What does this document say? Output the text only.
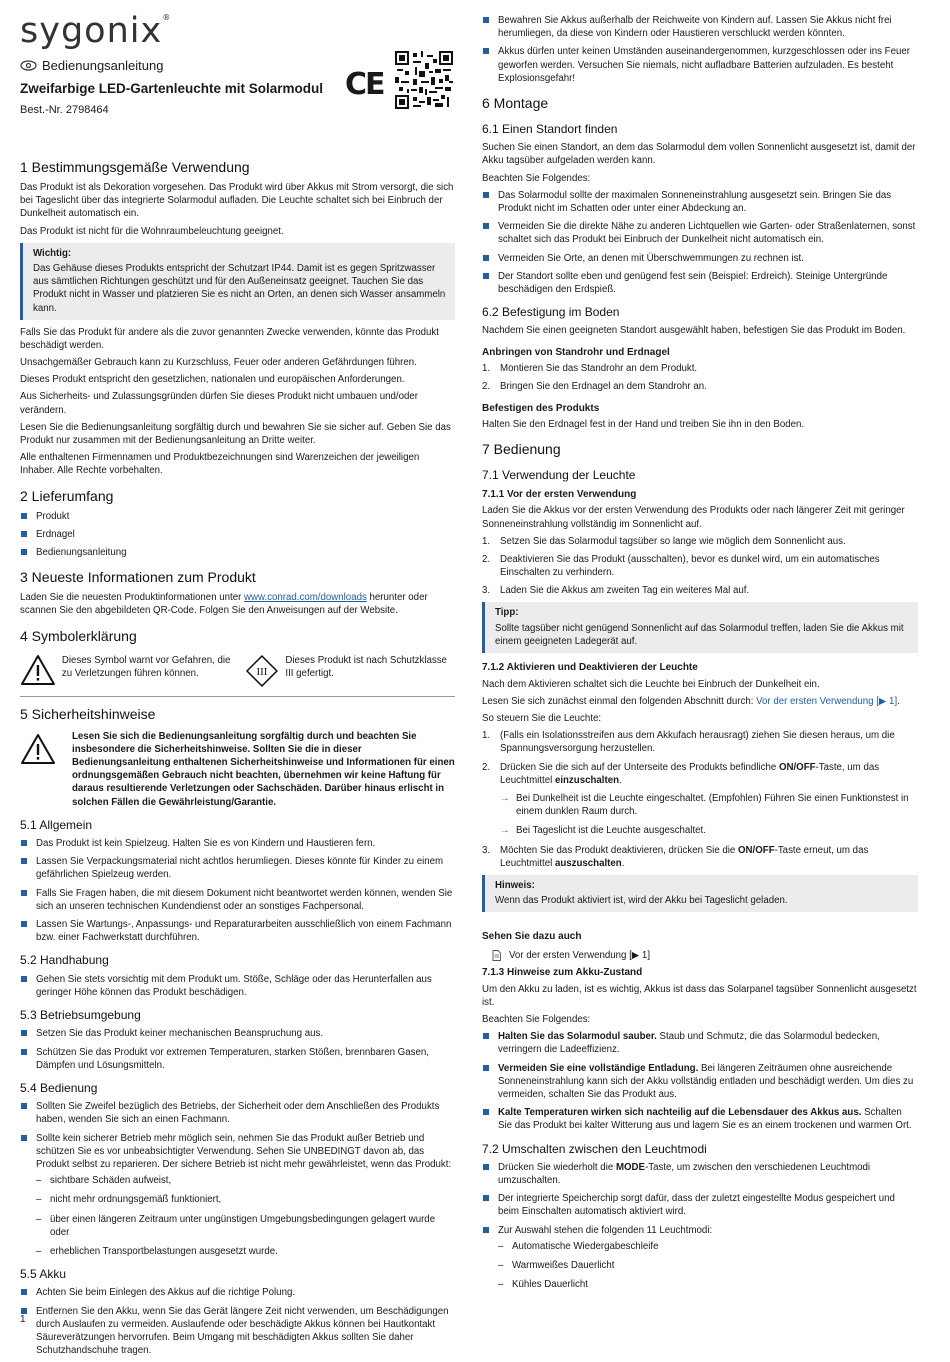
sygonix®
Bedienungsanleitung
Zweifarbige LED-Gartenleuchte mit Solarmodul
Best.-Nr. 2798464
CE
1 Bestimmungsgemäße Verwendung

Das Produkt ist als Dekoration vorgesehen. Das Produkt wird über Akkus mit Strom versorgt, die sich bei Tageslicht über das integrierte Solarmodul aufladen. Die Leuchte schaltet sich bei Einbruch der Dunkelheit automatisch ein.

Das Produkt ist nicht für die Wohnraumbeleuchtung geeignet.

Wichtig:
Das Gehäuse dieses Produkts entspricht der Schutzart IP44. Damit ist es gegen Spritzwasser aus sämtlichen Richtungen geschützt und für den Außeneinsatz geeignet. Tauchen Sie das Produkt nicht in Wasser und platzieren Sie es nicht an Orten, an denen sich Wasser ansammeln kann.

Falls Sie das Produkt für andere als die zuvor genannten Zwecke verwenden, könnte das Produkt beschädigt werden.

Unsachgemäßer Gebrauch kann zu Kurzschluss, Feuer oder anderen Gefährdungen führen.

Dieses Produkt entspricht den gesetzlichen, nationalen und europäischen Anforderungen.

Aus Sicherheits- und Zulassungsgründen dürfen Sie dieses Produkt nicht umbauen und/oder verändern.

Lesen Sie die Bedienungsanleitung sorgfältig durch und bewahren Sie sie sicher auf. Geben Sie das Produkt nur zusammen mit der Bedienungsanleitung an Dritte weiter.

Alle enthaltenen Firmennamen und Produktbezeichnungen sind Warenzeichen der jeweiligen Inhaber. Alle Rechte vorbehalten.

2 Lieferumfang
Produkt
Erdnagel
Bedienungsanleitung
3 Neueste Informationen zum Produkt

Laden Sie die neuesten Produktinformationen unter www.conrad.com/downloads herunter oder scannen Sie den abgebildeten QR-Code. Folgen Sie den Anweisungen auf der Website.

4 Symbolerklärung
Dieses Symbol warnt vor Gefahren, die zu Verletzungen führen können.	III
Dieses Produkt ist nach Schutzklasse III gefertigt.
5 Sicherheitshinweise
Lesen Sie sich die Bedienungsanleitung sorgfältig durch und beachten Sie insbesondere die Sicherheitshinweise. Sollten Sie die in dieser Bedienungsanleitung enthaltenen Sicherheitshinweise und Informationen für einen ordnungsgemäßen Gebrauch nicht beachten, übernehmen wir keine Haftung für daraus resultierende Verletzungen oder Sachschäden. Darüber hinaus erlischt in solchen Fällen die Gewährleistung/Garantie.
5.1 Allgemein
Das Produkt ist kein Spielzeug. Halten Sie es von Kindern und Haustieren fern.
Lassen Sie Verpackungsmaterial nicht achtlos herumliegen. Dieses könnte für Kinder zu einem gefährlichen Spielzeug werden.
Falls Sie Fragen haben, die mit diesem Dokument nicht beantwortet werden können, wenden Sie sich an unseren technischen Kundendienst oder an sonstiges Fachpersonal.
Lassen Sie Wartungs-, Anpassungs- und Reparaturarbeiten ausschließlich von einem Fachmann bzw. einer Fachwerkstatt durchführen.
5.2 Handhabung
Gehen Sie stets vorsichtig mit dem Produkt um. Stöße, Schläge oder das Herunterfallen aus geringer Höhe können das Produkt beschädigen.
5.3 Betriebsumgebung
Setzen Sie das Produkt keiner mechanischen Beanspruchung aus.
Schützen Sie das Produkt vor extremen Temperaturen, starken Stößen, brennbaren Gasen, Dämpfen und Lösungsmitteln.
5.4 Bedienung
Sollten Sie Zweifel bezüglich des Betriebs, der Sicherheit oder dem Anschließen des Produkts haben, wenden Sie sich an einen Fachmann.
Sollte kein sicherer Betrieb mehr möglich sein, nehmen Sie das Produkt außer Betrieb und schützen Sie es vor unbeabsichtigter Verwendung. Sehen Sie UNBEDINGT davon ab, das Produkt selbst zu reparieren. Der sichere Betrieb ist nicht mehr gewährleistet, wenn das Produkt:
– sichtbare Schäden aufweist,
– nicht mehr ordnungsgemäß funktioniert,
– über einen längeren Zeitraum unter ungünstigen Umgebungsbedingungen gelagert wurde oder
– erheblichen Transportbelastungen ausgesetzt wurde.
5.5 Akku
Achten Sie beim Einlegen des Akkus auf die richtige Polung.
Entfernen Sie den Akku, wenn Sie das Gerät längere Zeit nicht verwenden, um Beschädigungen durch Auslaufen zu vermeiden. Auslaufende oder beschädigte Akkus können bei Hautkontakt Säureverätzungen hervorrufen. Beim Umgang mit beschädigten Akkus sollten Sie daher Schutzhandschuhe tragen.
1
Bewahren Sie Akkus außerhalb der Reichweite von Kindern auf. Lassen Sie Akkus nicht frei herumliegen, da diese von Kindern oder Haustieren verschluckt werden könnten.
Akkus dürfen unter keinen Umständen auseinandergenommen, kurzgeschlossen oder ins Feuer geworfen werden. Versuchen Sie niemals, nicht aufladbare Batterien aufzuladen. Es besteht Explosionsgefahr!
6 Montage
6.1 Einen Standort finden

Suchen Sie einen Standort, an dem das Solarmodul dem vollen Sonnenlicht ausgesetzt ist, damit der Akku tagsüber aufgeladen werden kann.

Beachten Sie Folgendes:

Das Solarmodul sollte der maximalen Sonneneinstrahlung ausgesetzt sein. Bringen Sie das Produkt nicht im Schatten oder unter einer Abdeckung an.
Vermeiden Sie die direkte Nähe zu anderen Lichtquellen wie Garten- oder Straßenlaternen, sonst schaltet sich das Produkt bei Einbruch der Dunkelheit nicht automatisch ein.
Vermeiden Sie Orte, an denen mit Überschwemmungen zu rechnen ist.
Der Standort sollte eben und genügend fest sein (Beispiel: Erdreich). Steinige Untergründe beschädigen den Erdspieß.
6.2 Befestigung im Boden

Nachdem Sie einen geeigneten Standort ausgewählt haben, befestigen Sie das Produkt im Boden.

Anbringen von Standrohr und Erdnagel
1. Montieren Sie das Standrohr an dem Produkt.
2. Bringen Sie den Erdnagel an dem Standrohr an.
Befestigen des Produkts

Halten Sie den Erdnagel fest in der Hand und treiben Sie ihn in den Boden.

7 Bedienung
7.1 Verwendung der Leuchte
7.1.1 Vor der ersten Verwendung

Laden Sie die Akkus vor der ersten Verwendung des Produkts oder nach längerer Zeit mit geringer Sonneneinstrahlung vollständig im Sonnenlicht auf.

1. Setzen Sie das Solarmodul tagsüber so lange wie möglich dem Sonnenlicht aus.
2. Deaktivieren Sie das Produkt (ausschalten), bevor es dunkel wird, um ein automatisches Einschalten zu verhindern.
3. Laden Sie die Akkus am zweiten Tag ein weiteres Mal auf.
Tipp:
Sollte tagsüber nicht genügend Sonnenlicht auf das Solarmodul treffen, laden Sie die Akkus mit einem geeigneten Ladegerät auf.
7.1.2 Aktivieren und Deaktivieren der Leuchte

Nach dem Aktivieren schaltet sich die Leuchte bei Einbruch der Dunkelheit ein.

Lesen Sie sich zunächst einmal den folgenden Abschnitt durch: Vor der ersten Verwendung [▶ 1].

So steuern Sie die Leuchte:

1. (Falls ein Isolationsstreifen aus dem Akkufach herausragt) ziehen Sie diesen heraus, um die Spannungsversorgung herzustellen.
2. Drücken Sie die sich auf der Unterseite des Produkts befindliche ON/OFF-Taste, um das Leuchtmittel einzuschalten.
→ Bei Dunkelheit ist die Leuchte eingeschaltet. (Empfohlen) Führen Sie einen Funktionstest in einem dunklen Raum durch.
→ Bei Tageslicht ist die Leuchte ausgeschaltet.
3. Möchten Sie das Produkt deaktivieren, drücken Sie die ON/OFF-Taste erneut, um das Leuchtmittel auszuschalten.
Hinweis:
Wenn das Produkt aktiviert ist, wird der Akku bei Tageslicht geladen.
Sehen Sie dazu auch
Vor der ersten Verwendung [▶ 1]
7.1.3 Hinweise zum Akku-Zustand

Um den Akku zu laden, ist es wichtig, Akkus ist dass das Solarpanel tagsüber Sonnenlicht ausgesetzt ist.

Beachten Sie Folgendes:

Halten Sie das Solarmodul sauber. Staub und Schmutz, die das Solarmodul bedecken, verringern die Ladeeffizienz.
Vermeiden Sie eine vollständige Entladung. Bei längeren Zeiträumen ohne ausreichende Sonneneinstrahlung kann sich der Akku vollständig entladen und beschädigt werden. Um dies zu vermeiden, schalten Sie das Produkt aus.
Kalte Temperaturen wirken sich nachteilig auf die Lebensdauer des Akkus aus. Schalten Sie das Produkt bei kalter Witterung aus und lagern Sie es an einem trockenen und warmen Ort.
7.2 Umschalten zwischen den Leuchtmodi
Drücken Sie wiederholt die MODE-Taste, um zwischen den verschiedenen Leuchtmodi umzuschalten.
Der integrierte Speicherchip sorgt dafür, dass der zuletzt eingestellte Modus gespeichert und beim Einschalten automatisch aktiviert wird.
Zur Auswahl stehen die folgenden 11 Leuchtmodi:
– Automatische Wiedergabeschleife
– Warmweißes Dauerlicht
– Kühles Dauerlicht
